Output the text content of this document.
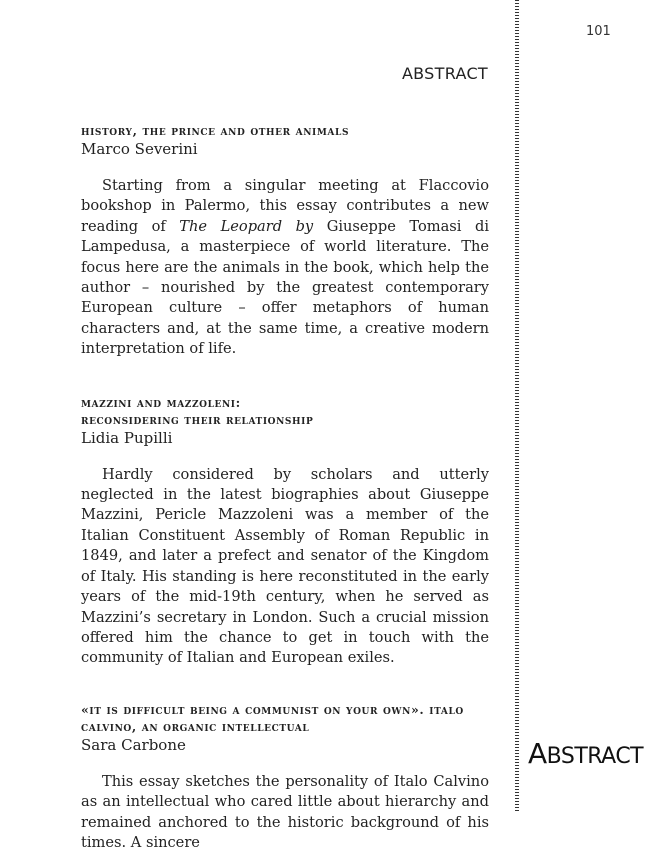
101
ABSTRACT
ABSTRACT
history, the prince and other animals
Marco Severini

Starting from a singular meeting at Flaccovio bookshop in Palermo, this essay contributes a new reading of The Leopard by Giuseppe Tomasi di Lampedusa, a masterpiece of world literature. The focus here are the animals in the book, which help the author – nourished by the greatest contemporary European culture – offer metaphors of human characters and, at the same time, a creative modern interpretation of life.

mazzini and mazzoleni:
reconsidering their relationship
Lidia Pupilli

Hardly considered by scholars and utterly neglected in the latest biographies about Giuseppe Mazzini, Pericle Mazzoleni was a member of the Italian Constituent Assembly of Roman Republic in 1849, and later a prefect and senator of the Kingdom of Italy. His standing is here reconstituted in the early years of the mid-19th century, when he served as Mazzini’s secretary in London. Such a crucial mission offered him the chance to get in touch with the community of Italian and European exiles.

«it is difficult being a communist on your own». italo calvino, an organic intellectual
Sara Carbone

This essay sketches the personality of Italo Calvino as an intellectual who cared little about hierarchy and remained anchored to the historic background of his times. A sincere
